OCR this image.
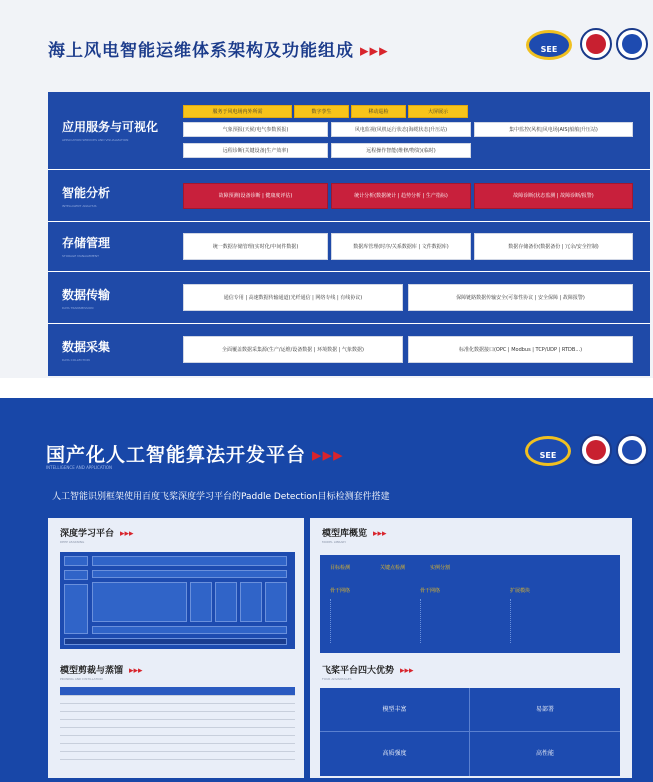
海上风电智能运维体系架构及功能组成 ▸▸▸	SEE
应用服务与可视化
APPLICATION SERVICES AND VISUALIZATION
服务于风电场内外所需	数字孪生	移动巡检	大屏展示
气象预报(天候/电气参数预报)	风电监视(风机运行状态|海缆状态|升压站)	集中监控(风机|风电场|AIS|船舶|升压站)
远程诊断(关键设备|生产效率)	远程操作智能(维修/物资)(临时)
智能分析
INTELLIGENT ANALYSIS
故障预测(设备诊断 | 健康度评估)	统计分析(数据统计 | 趋势分析 | 生产指标)	故障诊断(状态监测 | 故障诊断/报警)
存储管理
STORAGE MANAGEMENT
统一数据存储管理(实时化/中间件数据)	数据库管理(时序/关系数据库 | 文件数据库)	数据存储备份(数据备份 | 冗余/安全控制)
数据传输
DATA TRANSMISSION
通信专用 | 高速数据传输通道(光纤通信 | 网络专线 | 有线协议)	保障链路数据传输安全(可靠性协议 | 安全保障 | 故障报警)
数据采集
DATA COLLECTION
全面覆盖数据采集源(生产/运维/设备数据 | 环境数据 | 气象数据)	标准化数据接口(OPC | Modbus | TCP/UDP | RTDB...)
国产化人工智能算法开发平台 ▸▸▸
INTELLIGENCE AND APPLICATION
SEE
人工智能识别框架使用百度飞桨深度学习平台的Paddle Detection目标检测套件搭建
深度学习平台 ▸▸▸
DEEP LEARNING
模型库概览 ▸▸▸
MODEL LIBRARY
模型剪裁与蒸馏 ▸▸▸
PRUNING AND DISTILLATION
飞桨平台四大优势 ▸▸▸
FOUR ADVANTAGES
目标检测	关键点检测	实例分割
骨干网络	骨干网络	扩展模块

模型丰富	易部署
高质强度	高性能
